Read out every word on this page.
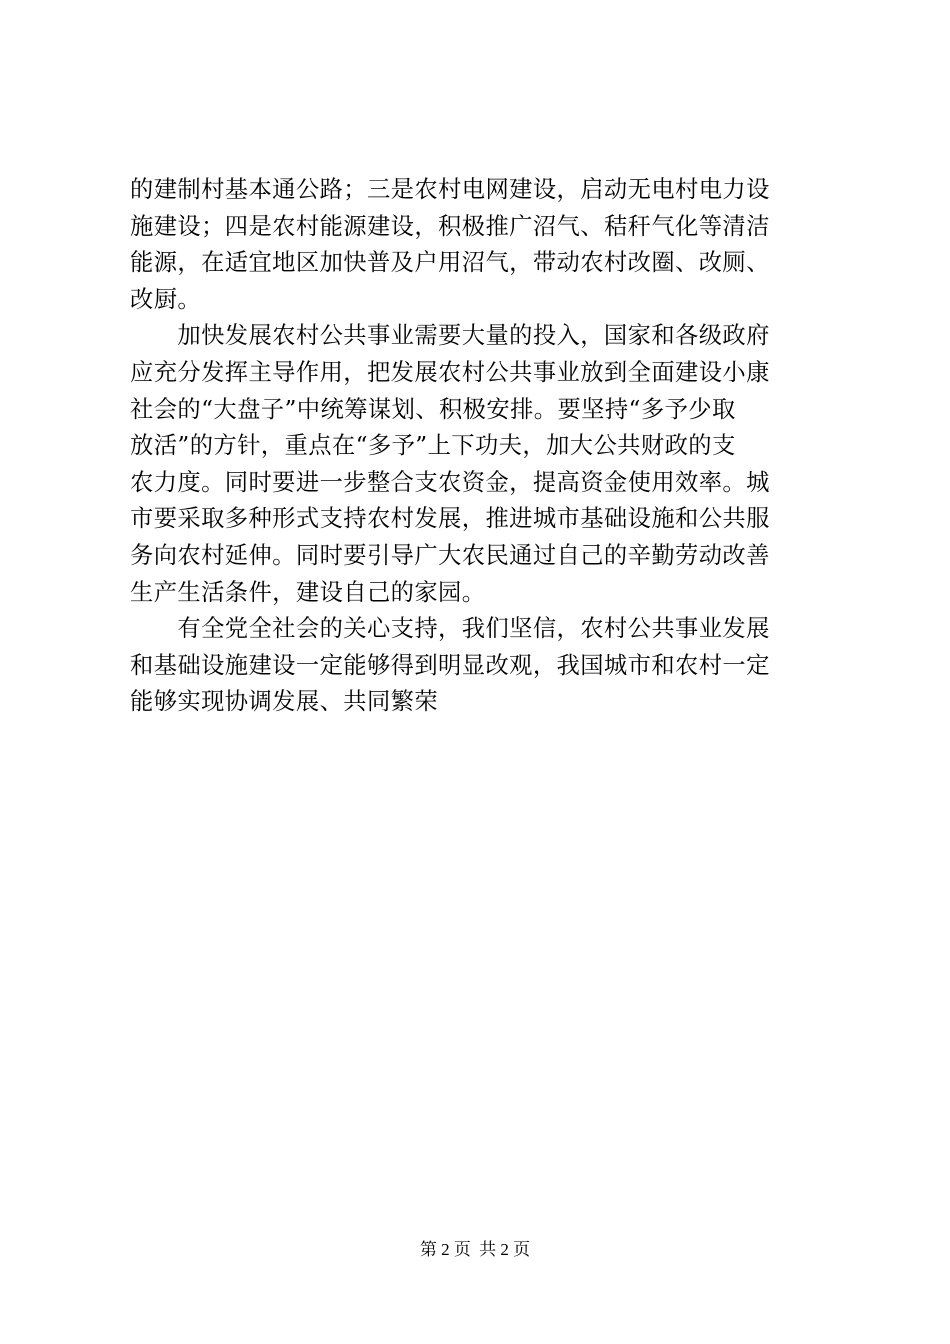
的建制村基本通公路；三是农村电网建设，启动无电村电力设
施建设；四是农村能源建设，积极推广沼气、秸秆气化等清洁
能源，在适宜地区加快普及户用沼气，带动农村改圈、改厕、
改厨。
　　加快发展农村公共事业需要大量的投入，国家和各级政府
应充分发挥主导作用，把发展农村公共事业放到全面建设小康
社会的“大盘子”中统筹谋划、积极安排。要坚持“多予少取
放活”的方针，重点在“多予”上下功夫，加大公共财政的支
农力度。同时要进一步整合支农资金，提高资金使用效率。城
市要采取多种形式支持农村发展，推进城市基础设施和公共服
务向农村延伸。同时要引导广大农民通过自己的辛勤劳动改善
生产生活条件，建设自己的家园。
　　有全党全社会的关心支持，我们坚信，农村公共事业发展
和基础设施建设一定能够得到明显改观，我国城市和农村一定
能够实现协调发展、共同繁荣
第 2 页 共 2 页
